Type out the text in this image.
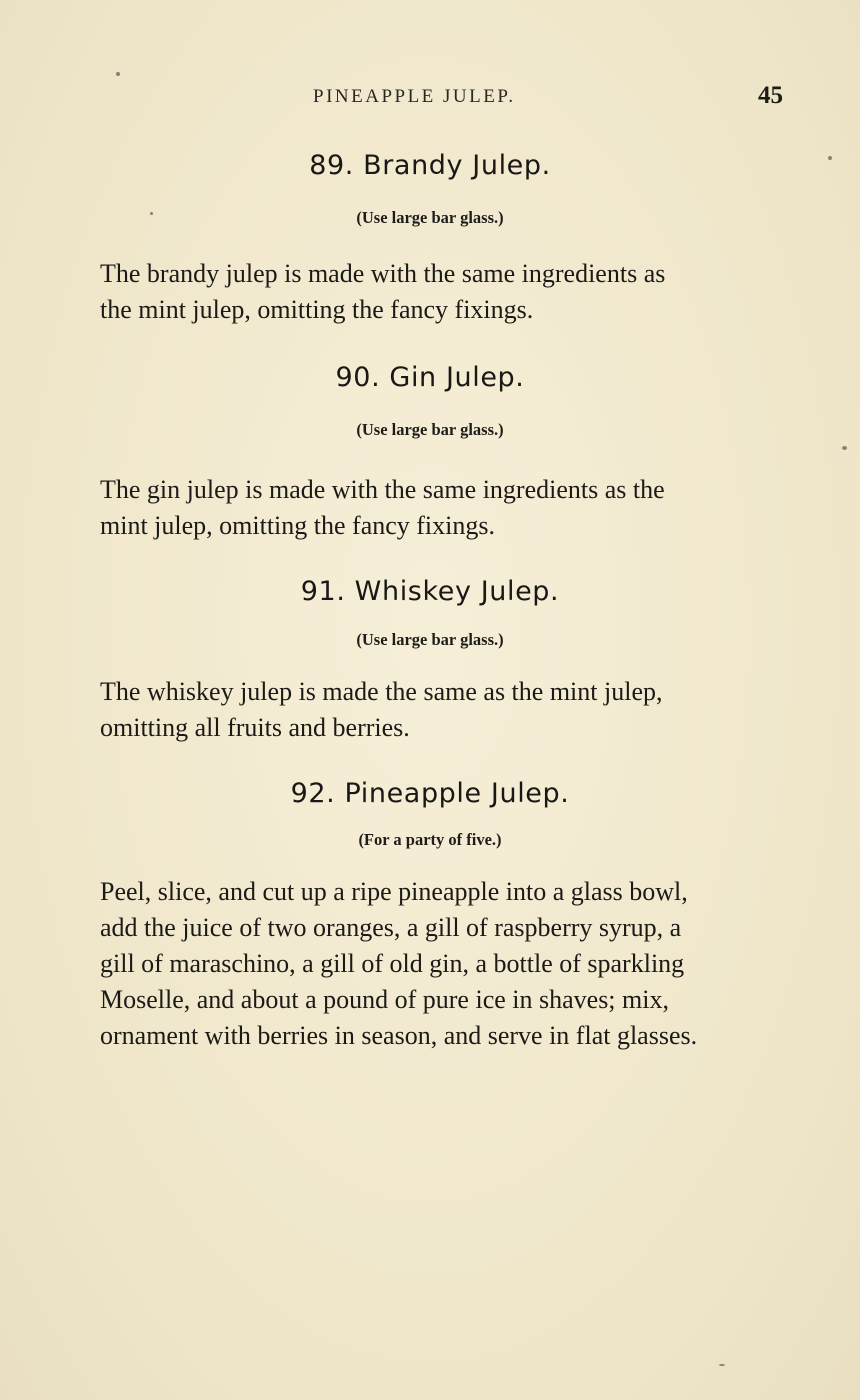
PINEAPPLE JULEP.	45
89. Brandy Julep.
(Use large bar glass.)

The brandy julep is made with the same ingredients as
the mint julep, omitting the fancy fixings.

90. Gin Julep.
(Use large bar glass.)

The gin julep is made with the same ingredients as the
mint julep, omitting the fancy fixings.

91. Whiskey Julep.
(Use large bar glass.)

The whiskey julep is made the same as the mint julep,
omitting all fruits and berries.

92. Pineapple Julep.
(For a party of five.)

Peel, slice, and cut up a ripe pineapple into a glass bowl,
add the juice of two oranges, a gill of raspberry syrup, a
gill of maraschino, a gill of old gin, a bottle of sparkling
Moselle, and about a pound of pure ice in shaves; mix,
ornament with berries in season, and serve in flat glasses.
